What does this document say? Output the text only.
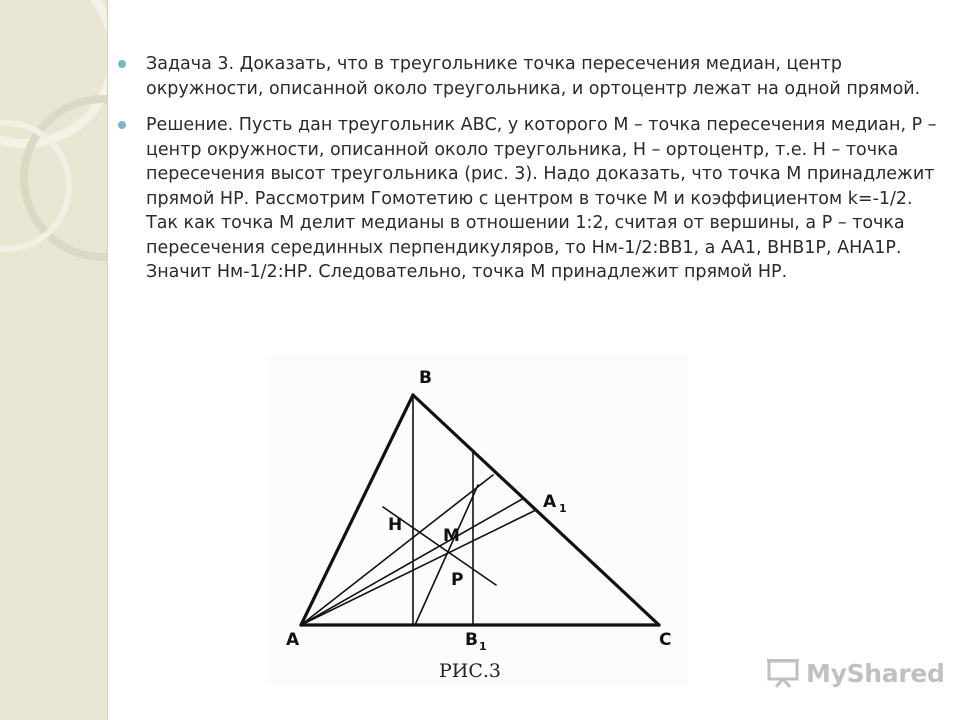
Задача 3. Доказать, что в треугольнике точка пересечения медиан, центр окружности, описанной около треугольника, и ортоцентр лежат на одной прямой.

Решение. Пусть дан треугольник АВС, у которого М – точка пересечения медиан, Р – центр окружности, описанной около треугольника, Н – ортоцентр, т.е. Н – точка пересечения высот треугольника (рис. 3). Надо доказать, что точка М принадлежит прямой НР. Рассмотрим Гомотетию с центром в точке М и коэффициентом k=-1/2. Так как точка М делит медианы в отношении 1:2, считая от вершины, а Р – точка пересечения серединных перпендикуляров, то Нм-1/2:ВВ1, а АА1, ВНВ1Р, АНА1Р. Значит Нм-1/2:НР. Следовательно, точка М принадлежит прямой НР.

B
A 1
H
M
P
A	B 1	C
РИС.3	MyShared
